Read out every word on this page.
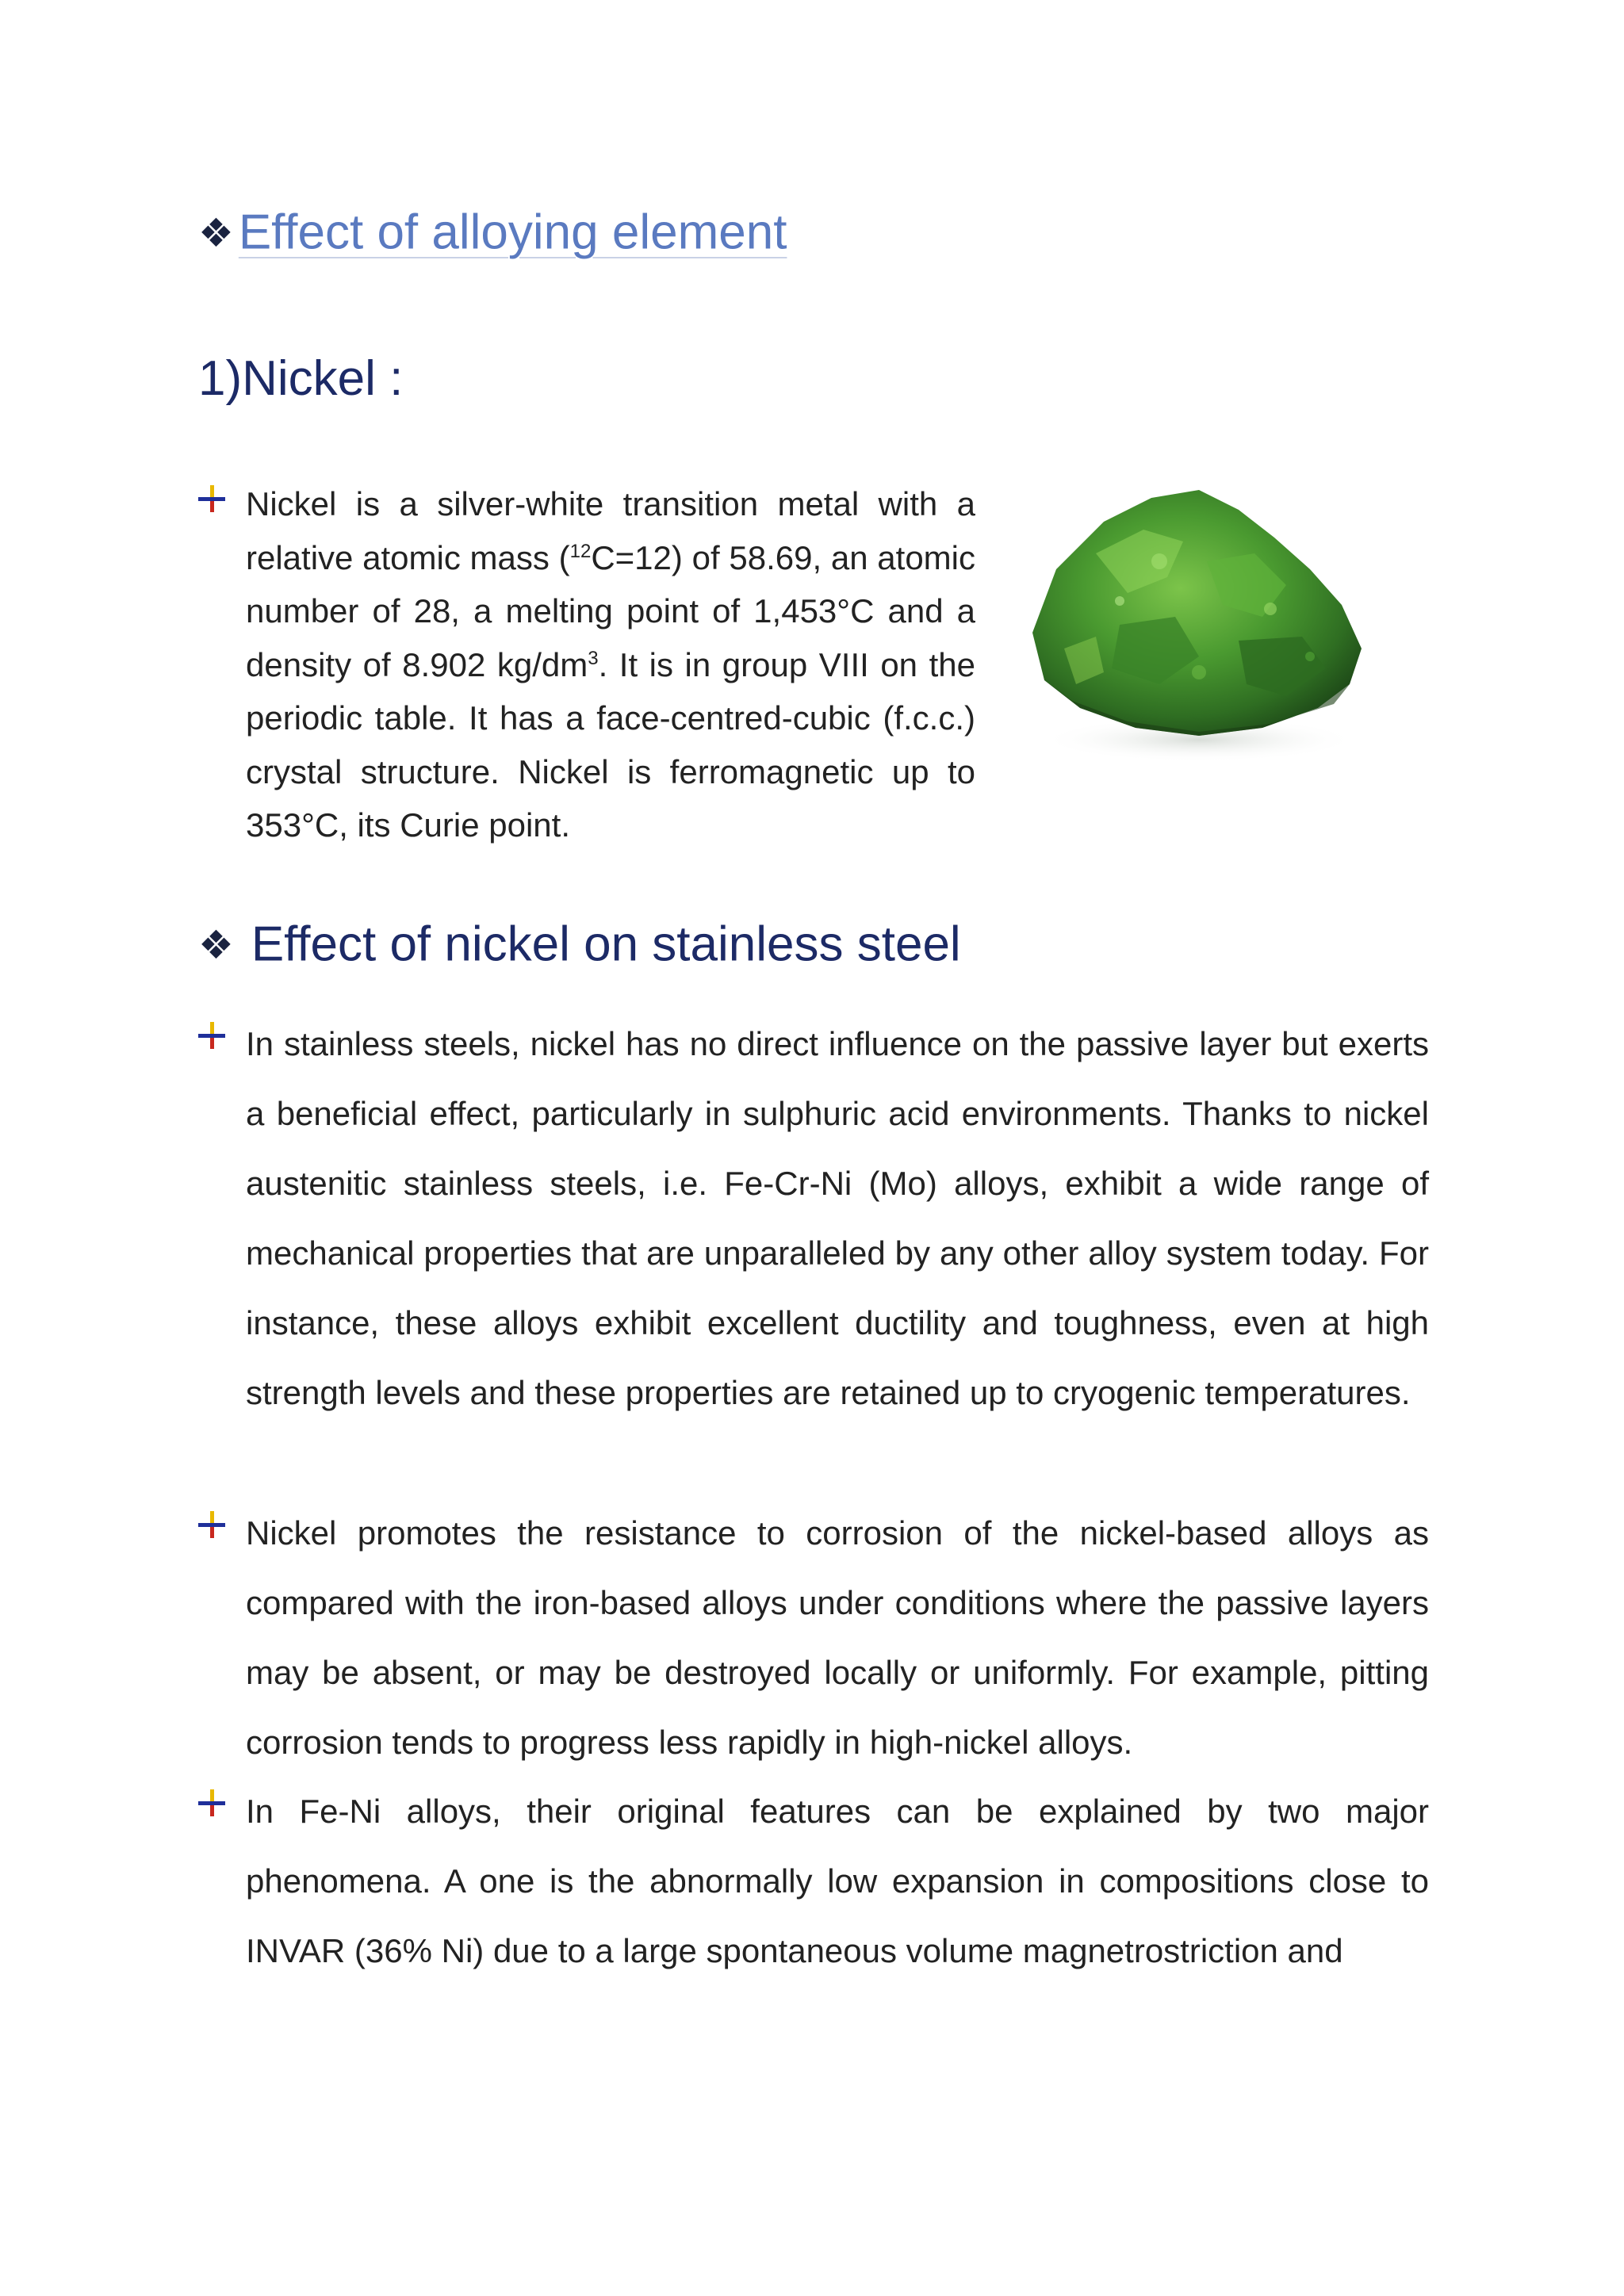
❖Effect of alloying element
1)Nickel :

Nickel is a silver-white transition metal with a relative atomic mass ($^{12}$C=12) of 58.69, an atomic number of 28, a melting point of 1,453°C and a density of 8.902 $kg/dm^3$. It is in group VIII on the periodic table. It has a face-centred-cubic (f.c.c.) crystal structure. Nickel is ferromagnetic up to 353°C, its Curie point.

❖ Effect of nickel on stainless steel

In stainless steels, nickel has no direct influence on the passive layer but exerts a beneficial effect, particularly in sulphuric acid environments. Thanks to nickel austenitic stainless steels, i.e. Fe-Cr-Ni (Mo) alloys, exhibit a wide range of mechanical properties that are unparalleled by any other alloy system today. For instance, these alloys exhibit excellent ductility and toughness, even at high strength levels and these properties are retained up to cryogenic temperatures.

Nickel promotes the resistance to corrosion of the nickel-based alloys as compared with the iron-based alloys under conditions where the passive layers may be absent, or may be destroyed locally or uniformly. For example, pitting corrosion tends to progress less rapidly in high-nickel alloys.

In Fe-Ni alloys, their original features can be explained by two major phenomena. A one is the abnormally low expansion in compositions close to INVAR (36% Ni) due to a large spontaneous volume magnetrostriction and
